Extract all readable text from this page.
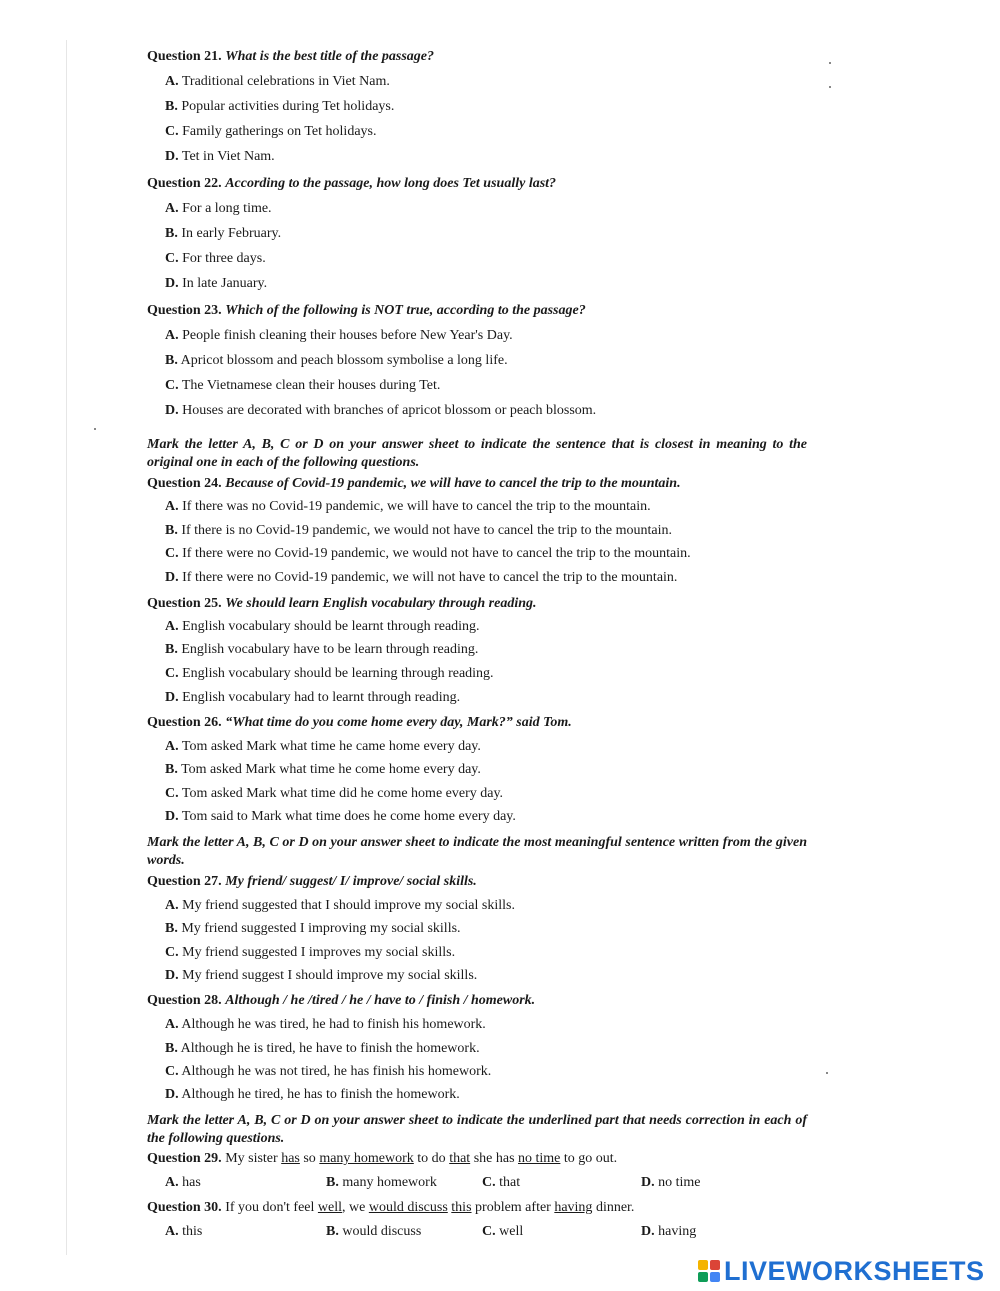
Question 21. What is the best title of the passage?
A. Traditional celebrations in Viet Nam.
B. Popular activities during Tet holidays.
C. Family gatherings on Tet holidays.
D. Tet in Viet Nam.
Question 22. According to the passage, how long does Tet usually last?
A. For a long time.
B. In early February.
C. For three days.
D. In late January.
Question 23. Which of the following is NOT true, according to the passage?
A. People finish cleaning their houses before New Year's Day.
B. Apricot blossom and peach blossom symbolise a long life.
C. The Vietnamese clean their houses during Tet.
D. Houses are decorated with branches of apricot blossom or peach blossom.
Mark the letter A, B, C or D on your answer sheet to indicate the sentence that is closest in meaning to the original one in each of the following questions.
Question 24. Because of Covid-19 pandemic, we will have to cancel the trip to the mountain.
A. If there was no Covid-19 pandemic, we will have to cancel the trip to the mountain.
B. If there is no Covid-19 pandemic, we would not have to cancel the trip to the mountain.
C. If there were no Covid-19 pandemic, we would not have to cancel the trip to the mountain.
D. If there were no Covid-19 pandemic, we will not have to cancel the trip to the mountain.
Question 25. We should learn English vocabulary through reading.
A. English vocabulary should be learnt through reading.
B. English vocabulary have to be learn through reading.
C. English vocabulary should be learning through reading.
D. English vocabulary had to learnt through reading.
Question 26. “What time do you come home every day, Mark?” said Tom.
A. Tom asked Mark what time he came home every day.
B. Tom asked Mark what time he come home every day.
C. Tom asked Mark what time did he come home every day.
D. Tom said to Mark what time does he come home every day.
Mark the letter A, B, C or D on your answer sheet to indicate the most meaningful sentence written from the given words.
Question 27. My friend/ suggest/ I/ improve/ social skills.
A. My friend suggested that I should improve my social skills.
B. My friend suggested I improving my social skills.
C. My friend suggested I improves my social skills.
D. My friend suggest I should improve my social skills.
Question 28. Although / he /tired / he / have to / finish / homework.
A. Although he was tired, he had to finish his homework.
B. Although he is tired, he have to finish the homework.
C. Although he was not tired, he has finish his homework.
D. Although he tired, he has to finish the homework.
Mark the letter A, B, C or D on your answer sheet to indicate the underlined part that needs correction in each of the following questions.
Question 29. My sister has so many homework to do that she has no time to go out.
A. has	B. many homework	C. that	D. no time
Question 30. If you don't feel well, we would discuss this problem after having dinner.
A. this	B. would discuss	C. well	D. having
LIVEWORKSHEETS
